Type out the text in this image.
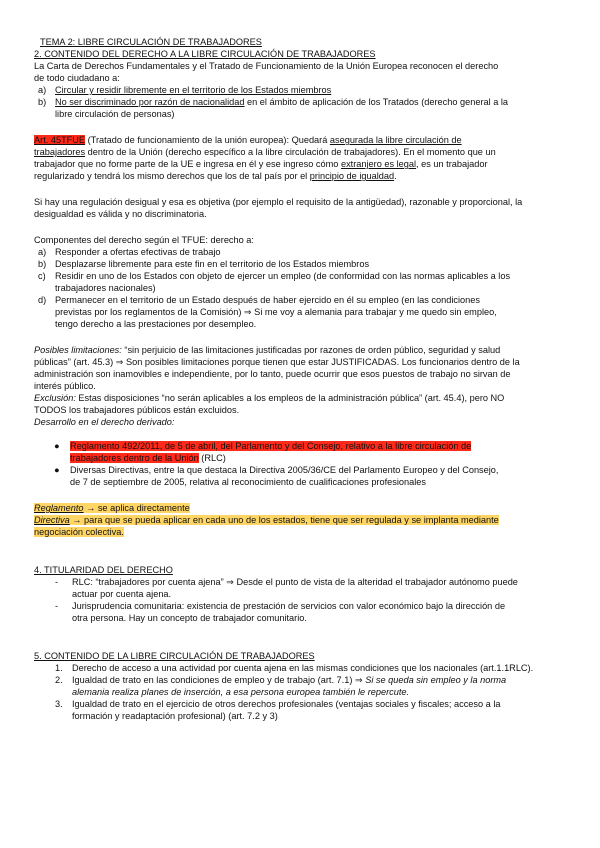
TEMA 2: LIBRE CIRCULACIÓN DE TRABAJADORES
2. CONTENIDO DEL DERECHO A LA LIBRE CIRCULACIÓN DE TRABAJADORES
La Carta de Derechos Fundamentales y el Tratado de Funcionamiento de la Unión Europea reconocen el derecho
de todo ciudadano a:
a) Circular y residir libremente en el territorio de los Estados miembros
b) No ser discriminado por razón de nacionalidad en el ámbito de aplicación de los Tratados (derecho general a la
libre circulación de personas)
Art. 45TFUE (Tratado de funcionamiento de la unión europea): Quedará asegurada la libre circulación de
trabajadores dentro de la Unión (derecho específico a la libre circulación de trabajadores). En el momento que un
trabajador que no forme parte de la UE e ingresa en él y ese ingreso cómo extranjero es legal, es un trabajador
regularizado y tendrá los mismo derechos que los de tal país por el principio de igualdad.
Si hay una regulación desigual y esa es objetiva (por ejemplo el requisito de la antigüedad), razonable y proporcional, la
desigualdad es válida y no discriminatoria.
Componentes del derecho según el TFUE: derecho a:
a) Responder a ofertas efectivas de trabajo
b) Desplazarse libremente para este fin en el territorio de los Estados miembros
c)	Residir en uno de los Estados con objeto de ejercer un empleo (de conformidad con las normas aplicables a los
trabajadores nacionales)
d) Permanecer en el territorio de un Estado después de haber ejercido en él su empleo (en las condiciones
previstas por los reglamentos de la Comisión) ⇒ Si me voy a alemania para trabajar y me quedo sin empleo,
tengo derecho a las prestaciones por desempleo.
Posibles limitaciones: “sin perjuicio de las limitaciones justificadas por razones de orden público, seguridad y salud
públicas” (art. 45.3) ⇒ Son posibles limitaciones porque tienen que estar JUSTIFICADAS. Los funcionarios dentro de la
administración son inamovibles e independiente, por lo tanto, puede ocurrir que esos puestos de trabajo no sirvan de
interés público.
Exclusión: Estas disposiciones “no serán aplicables a los empleos de la administración pública” (art. 45.4), pero NO
TODOS los trabajadores públicos están excluidos.
Desarrollo en el derecho derivado:
●	Reglamento 492/2011, de 5 de abril, del Parlamento y del Consejo, relativo a la libre circulación de
trabajadores dentro de la Unión (RLC)
●	Diversas Directivas, entre la que destaca la Directiva 2005/36/CE del Parlamento Europeo y del Consejo,
de 7 de septiembre de 2005, relativa al reconocimiento de cualificaciones profesionales
Reglamento → se aplica directamente
Directiva → para que se pueda aplicar en cada uno de los estados, tiene que ser regulada y se implanta mediante
negociación colectiva.
4. TITULARIDAD DEL DERECHO
-	RLC: “trabajadores por cuenta ajena” ⇒ Desde el punto de vista de la alteridad el trabajador autónomo puede
actuar por cuenta ajena.
-	Jurisprudencia comunitaria: existencia de prestación de servicios con valor económico bajo la dirección de
otra persona. Hay un concepto de trabajador comunitario.
5. CONTENIDO DE LA LIBRE CIRCULACIÓN DE TRABAJADORES
1.	Derecho de acceso a una actividad por cuenta ajena en las mismas condiciones que los nacionales (art.1.1RLC).
2.	Igualdad de trato en las condiciones de empleo y de trabajo (art. 7.1) ⇒ Si se queda sin empleo y la norma
alemania realiza planes de inserción, a esa persona europea también le repercute.
3.	Igualdad de trato en el ejercicio de otros derechos profesionales (ventajas sociales y fiscales; acceso a la
formación y readaptación profesional) (art. 7.2 y 3)
